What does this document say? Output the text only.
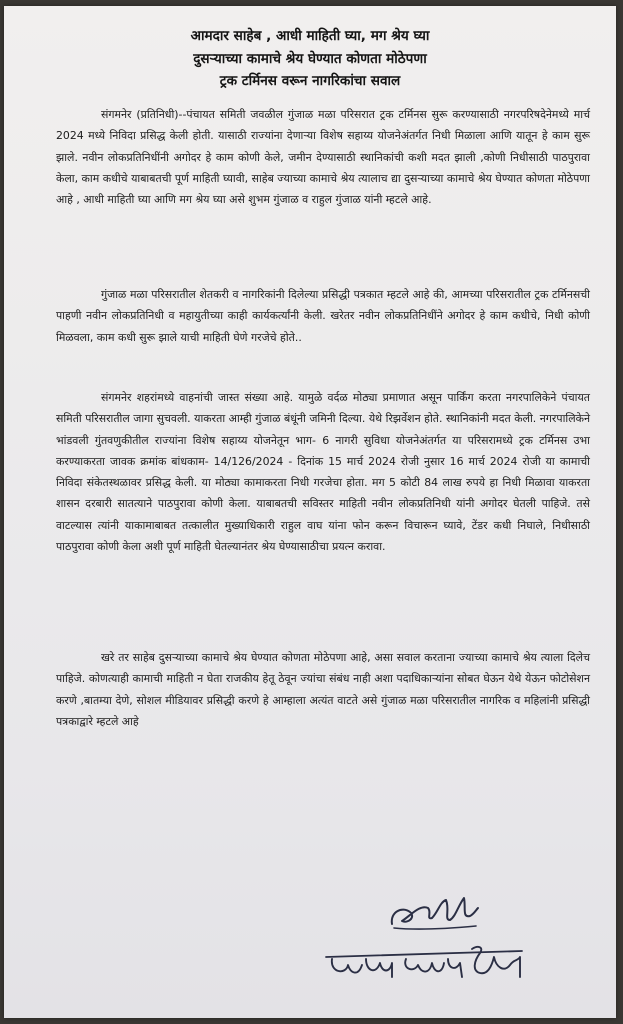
आमदार साहेब , आधी माहिती घ्या, मग श्रेय घ्या
दुसऱ्याच्या कामाचे श्रेय घेण्यात कोणता मोठेपणा
ट्रक टर्मिनस वरून नागरिकांचा सवाल

संगमनेर (प्रतिनिधी)--पंचायत समिती जवळील गुंजाळ मळा परिसरात ट्रक टर्मिनस सुरू करण्यासाठी नगरपरिषदेनेमध्ये मार्च 2024 मध्ये निविदा प्रसिद्ध केली होती. यासाठी राज्यांना देणाऱ्या विशेष सहाय्य योजनेअंतर्गत निधी मिळाला आणि यातून हे काम सुरू झाले. नवीन लोकप्रतिनिधींनी अगोदर हे काम कोणी केले, जमीन देण्यासाठी स्थानिकांची कशी मदत झाली ,कोणी निधीसाठी पाठपुरावा केला, काम कधीचे याबाबतची पूर्ण माहिती घ्यावी, साहेब ज्याच्या कामाचे श्रेय त्यालाच द्या दुसऱ्याच्या कामाचे श्रेय घेण्यात कोणता मोठेपणा आहे , आधी माहिती घ्या आणि मग श्रेय घ्या असे शुभम गुंजाळ व राहुल गुंजाळ यांनी म्हटले आहे.

गुंजाळ मळा परिसरातील शेतकरी व नागरिकांनी दिलेल्या प्रसिद्धी पत्रकात म्हटले आहे की, आमच्या परिसरातील ट्रक टर्मिनसची पाहणी नवीन लोकप्रतिनिधी व महायुतीच्या काही कार्यकर्त्यांनी केली. खरेतर नवीन लोकप्रतिनिधींने अगोदर हे काम कधीचे, निधी कोणी मिळवला, काम कधी सुरू झाले याची माहिती घेणे गरजेचे होते..

संगमनेर शहरांमध्ये वाहनांची जास्त संख्या आहे. यामुळे वर्दळ मोठ्या प्रमाणात असून पार्किंग करता नगरपालिकेने पंचायत समिती परिसरातील जागा सुचवली. याकरता आम्ही गुंजाळ बंधूंनी जमिनी दिल्या. येथे रिझर्वेशन होते. स्थानिकांनी मदत केली. नगरपालिकेने भांडवली गुंतवणुकीतील राज्यांना विशेष सहाय्य योजनेतून भाग- 6 नागरी सुविधा योजनेअंतर्गत या परिसरामध्ये ट्रक टर्मिनस उभा करण्याकरता जावक क्रमांक बांधकाम- 14/126/2024 - दिनांक 15 मार्च 2024 रोजी नुसार 16 मार्च 2024 रोजी या कामाची निविदा संकेतस्थळावर प्रसिद्ध केली. या मोठ्या कामाकरता निधी गरजेचा होता. मग 5 कोटी 84 लाख रुपये हा निधी मिळावा याकरता शासन दरबारी सातत्याने पाठपुरावा कोणी केला. याबाबतची सविस्तर माहिती नवीन लोकप्रतिनिधी यांनी अगोदर घेतली पाहिजे. तसे वाटल्यास त्यांनी याकामाबाबत तत्कालीत मुख्याधिकारी राहुल वाघ यांना फोन करून विचारून घ्यावे, टेंडर कधी निघाले, निधीसाठी पाठपुरावा कोणी केला अशी पूर्ण माहिती घेतल्यानंतर श्रेय घेण्यासाठीचा प्रयत्न करावा.

खरे तर साहेब दुसऱ्याच्या कामाचे श्रेय घेण्यात कोणता मोठेपणा आहे, असा सवाल करताना ज्याच्या कामाचे श्रेय त्याला दिलेच पाहिजे. कोणत्याही कामाची माहिती न घेता राजकीय हेतू ठेवून ज्यांचा संबंध नाही अशा पदाधिकाऱ्यांना सोबत घेऊन येथे येऊन फोटोसेशन करणे ,बातम्या देणे, सोशल मीडियावर प्रसिद्धी करणे हे आम्हाला अत्यंत वाटते असे गुंजाळ मळा परिसरातील नागरिक व महिलांनी प्रसिद्धी पत्रकाद्वारे म्हटले आहे
